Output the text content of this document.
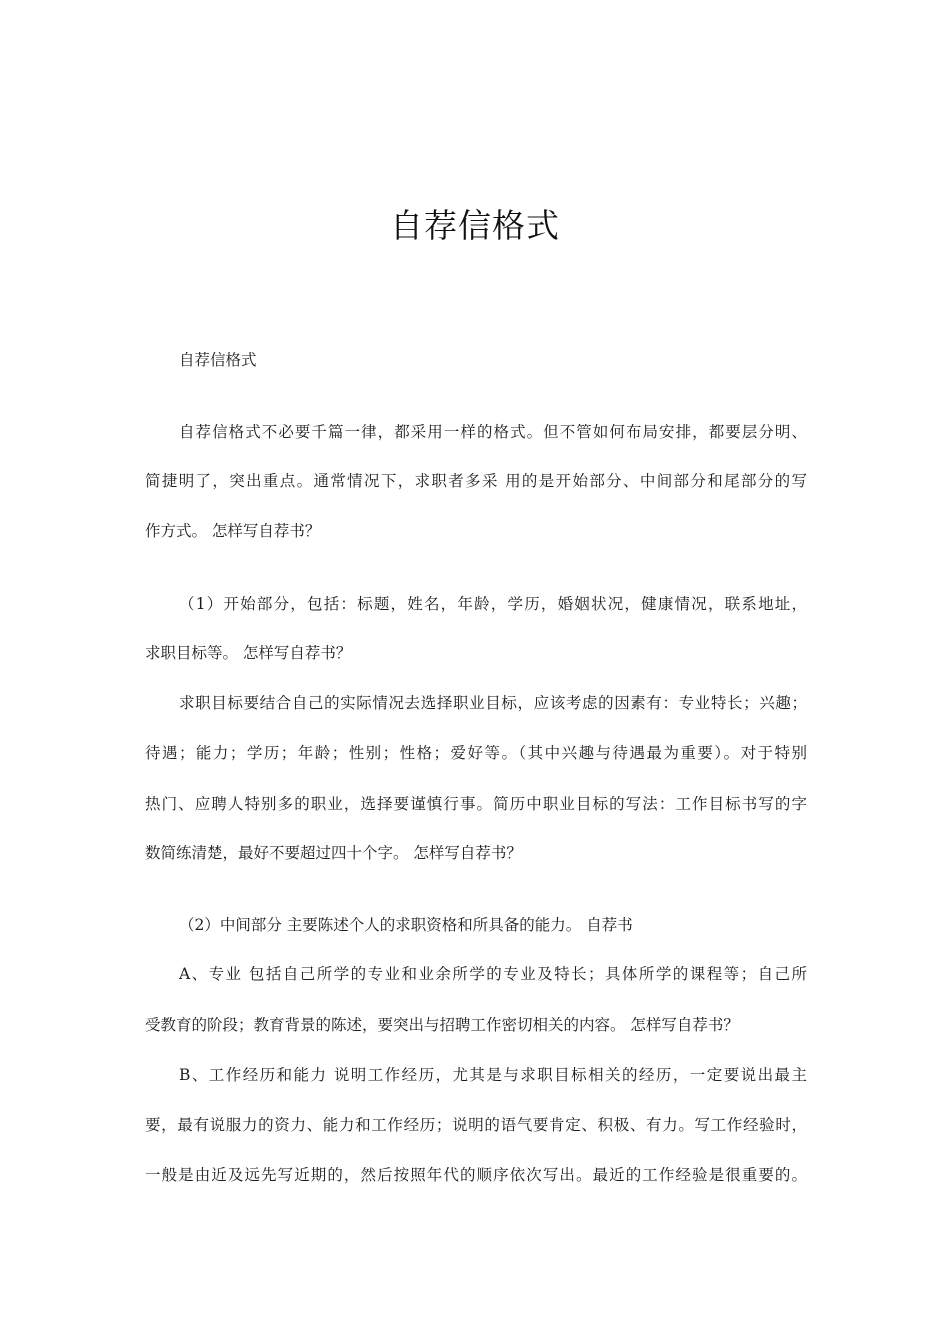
自荐信格式
自荐信格式
自荐信格式不必要千篇一律，都采用一样的格式。但不管如何布局安排，都要层分明、
简捷明了，突出重点。通常情况下，求职者多采 用的是开始部分、中间部分和尾部分的写
作方式。 怎样写自荐书？
（1）开始部分，包括：标题，姓名，年龄，学历，婚姻状况，健康情况，联系地址，
求职目标等。 怎样写自荐书？
求职目标要结合自己的实际情况去选择职业目标，应该考虑的因素有：专业特长；兴趣；
待遇；能力；学历；年龄；性别；性格；爱好等。（其中兴趣与待遇最为重要）。对于特别
热门、应聘人特别多的职业，选择要谨慎行事。简历中职业目标的写法：工作目标书写的字
数简练清楚，最好不要超过四十个字。 怎样写自荐书？
（2）中间部分 主要陈述个人的求职资格和所具备的能力。 自荐书
A、专业 包括自己所学的专业和业余所学的专业及特长；具体所学的课程等；自己所
受教育的阶段；教育背景的陈述，要突出与招聘工作密切相关的内容。 怎样写自荐书？
B、工作经历和能力 说明工作经历，尤其是与求职目标相关的经历，一定要说出最主
要，最有说服力的资力、能力和工作经历；说明的语气要肯定、积极、有力。写工作经验时，
一般是由近及远先写近期的，然后按照年代的顺序依次写出。最近的工作经验是很重要的。
